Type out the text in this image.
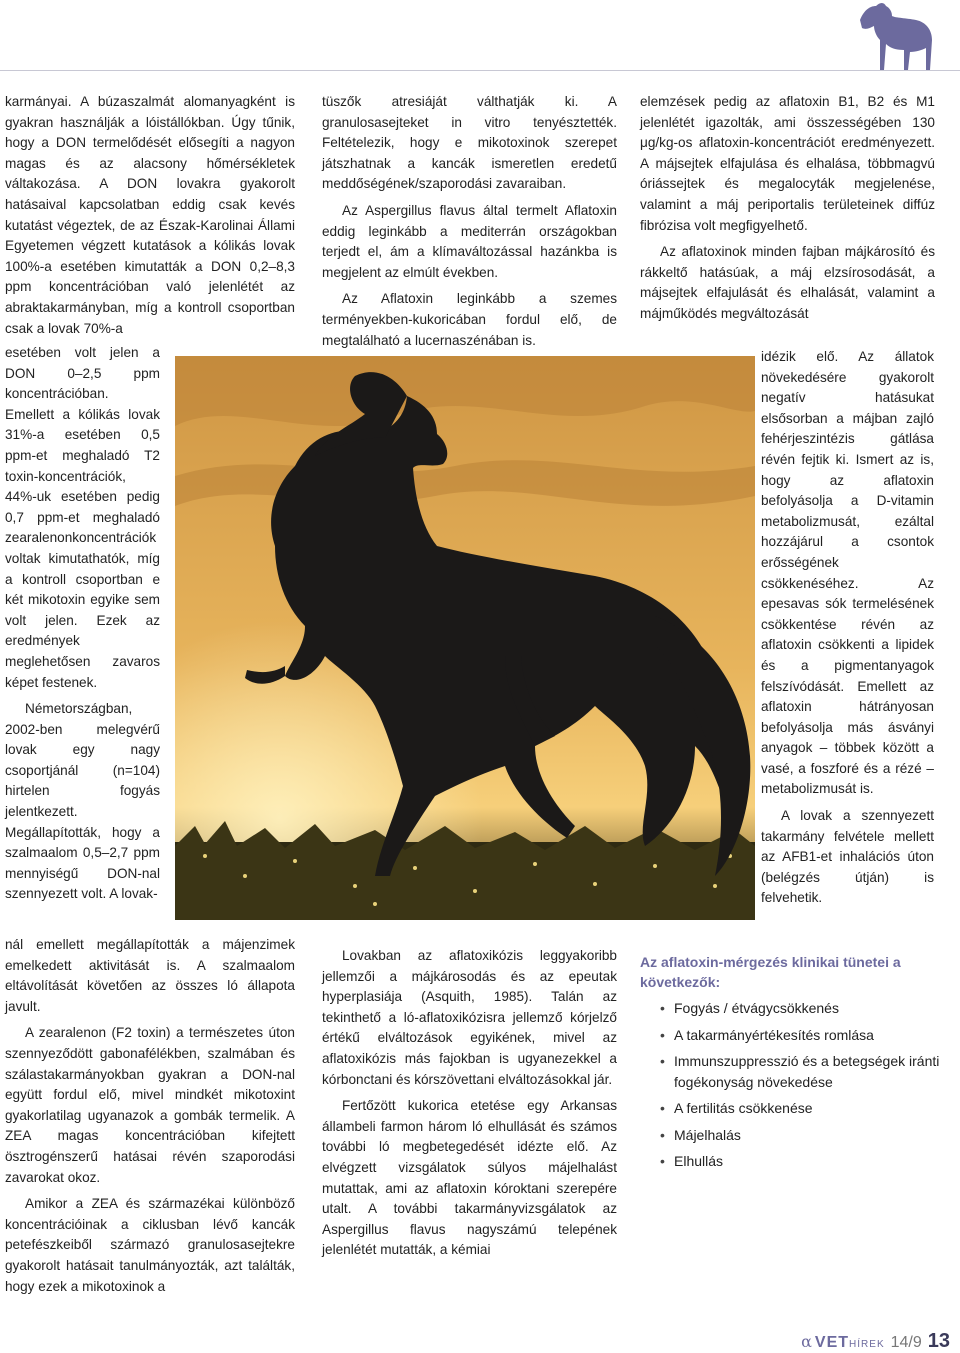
karmányai. A búzaszalmát alomanyagként is gyakran használják a lóistállókban. Úgy tűnik, hogy a DON termelődését elősegíti a nagyon magas és az alacsony hőmérsékletek váltakozása. A DON lovakra gyakorolt hatásaival kapcsolatban eddig csak kevés kutatást végeztek, de az Észak-Karolinai Állami Egyetemen végzett kutatások a kólikás lovak 100%-a esetében kimutatták a DON 0,2–8,3 ppm koncentrációban való jelenlétét az abraktakarmányban, míg a kontroll csoportban csak a lovak 70%-a

esetében volt jelen a DON 0–2,5 ppm koncentrációban. Emellett a kólikás lovak 31%-a esetében 0,5 ppm-et meghaladó T2 toxin-koncentrációk, 44%-uk esetében pedig 0,7 ppm-et meghaladó zearalenonkoncentrációk voltak kimutathatók, míg a kontroll csoportban e két mikotoxin egyike sem volt jelen. Ezek az eredmények meglehetősen zavaros képet festenek.

Németországban, 2002-ben melegvérű lovak egy nagy csoportjánál (n=104) hirtelen fogyás jelentkezett. Megállapították, hogy a szalmaalom 0,5–2,7 ppm mennyiségű DON-nal szennyezett volt. A lovak-

nál emellett megállapították a májenzimek emelkedett aktivitását is. A szalmaalom eltávolítását követően az összes ló állapota javult.

A zearalenon (F2 toxin) a természetes úton szennyeződött gabonafélékben, szalmában és szálastakarmányokban gyakran a DON-nal együtt fordul elő, mivel mindkét mikotoxint gyakorlatilag ugyanazok a gombák termelik. A ZEA magas koncentrációban kifejtett ösztrogénszerű hatásai révén szaporodási zavarokat okoz.

Amikor a ZEA és származékai különböző koncentrációinak a ciklusban lévő kancák petefészkeiből származó granulosasejtekre gyakorolt hatásait tanulmányozták, azt találták, hogy ezek a mikotoxinok a

tüszők atresiáját válthatják ki. A granulosasejteket in vitro tenyésztették. Feltételezik, hogy e mikotoxinok szerepet játszhatnak a kancák ismeretlen eredetű meddőségének/szaporodási zavaraiban.

Az Aspergillus flavus által termelt Aflatoxin eddig leginkább a mediterrán országokban terjedt el, ám a klímaváltozással hazánkba is megjelent az elmúlt években.

Az Aflatoxin leginkább a szemes terményekben-kukoricában fordul elő, de megtalálható a lucernaszénában is.

Lovakban az aflatoxikózis leggyakoribb jellemzői a májkárosodás és az epeutak hyperplasiája (Asquith, 1985). Talán az tekinthető a ló-aflatoxikózisra jellemző kórjelző értékű elváltozások egyikének, mivel az aflatoxikózis más fajokban is ugyanezekkel a kórbonctani és kórszövettani elváltozásokkal jár.

Fertőzött kukorica etetése egy Arkansas állambeli farmon három ló elhullását és számos további ló megbetegedését idézte elő. Az elvégzett vizsgálatok súlyos májelhalást mutattak, ami az aflatoxin kóroktani szerepére utalt. A további takarmányvizsgálatok az Aspergillus flavus nagyszámú telepének jelenlétét mutatták, a kémiai

elemzések pedig az aflatoxin B1, B2 és M1 jelenlétét igazolták, ami összességében 130 μg/kg-os aflatoxin-koncentrációt eredményezett. A májsejtek elfajulása és elhalása, többmagvú óriássejtek és megalocyták megjelenése, valamint a máj periportalis területeinek diffúz fibrózisa volt megfigyelhető.

Az aflatoxinok minden fajban májkárosító és rákkeltő hatásúak, a máj elzsírosodását, a májsejtek elfajulását és elhalását, valamint a májműködés megváltozását

idézik elő. Az állatok növekedésére gyakorolt negatív hatásukat elsősorban a májban zajló fehérjeszintézis gátlása révén fejtik ki. Ismert az is, hogy az aflatoxin befolyásolja a D-vitamin metabolizmusát, ezáltal hozzájárul a csontok erősségének csökkenéséhez. Az epesavas sók termelésének csökkentése révén az aflatoxin csökkenti a lipidek és a pigmentanyagok felszívódását. Emellett az aflatoxin hátrányosan befolyásolja más ásványi anyagok – többek között a vasé, a foszforé és a rézé – metabolizmusát is.

A lovak a szennyezett takarmány felvétele mellett az AFB1-et inhalációs úton (belégzés útján) is felvehetik.

Az aflatoxin-mérgezés klinikai tünetei a következők:
• Fogyás / étvágycsökkenés
• A takarmányértékesítés romlása
• Immunszuppresszió és a betegségek iránti fogékonyság növekedése
• A fertilitás csökkenése
• Májelhalás
• Elhullás
α VETHÍREK 14/9 13
